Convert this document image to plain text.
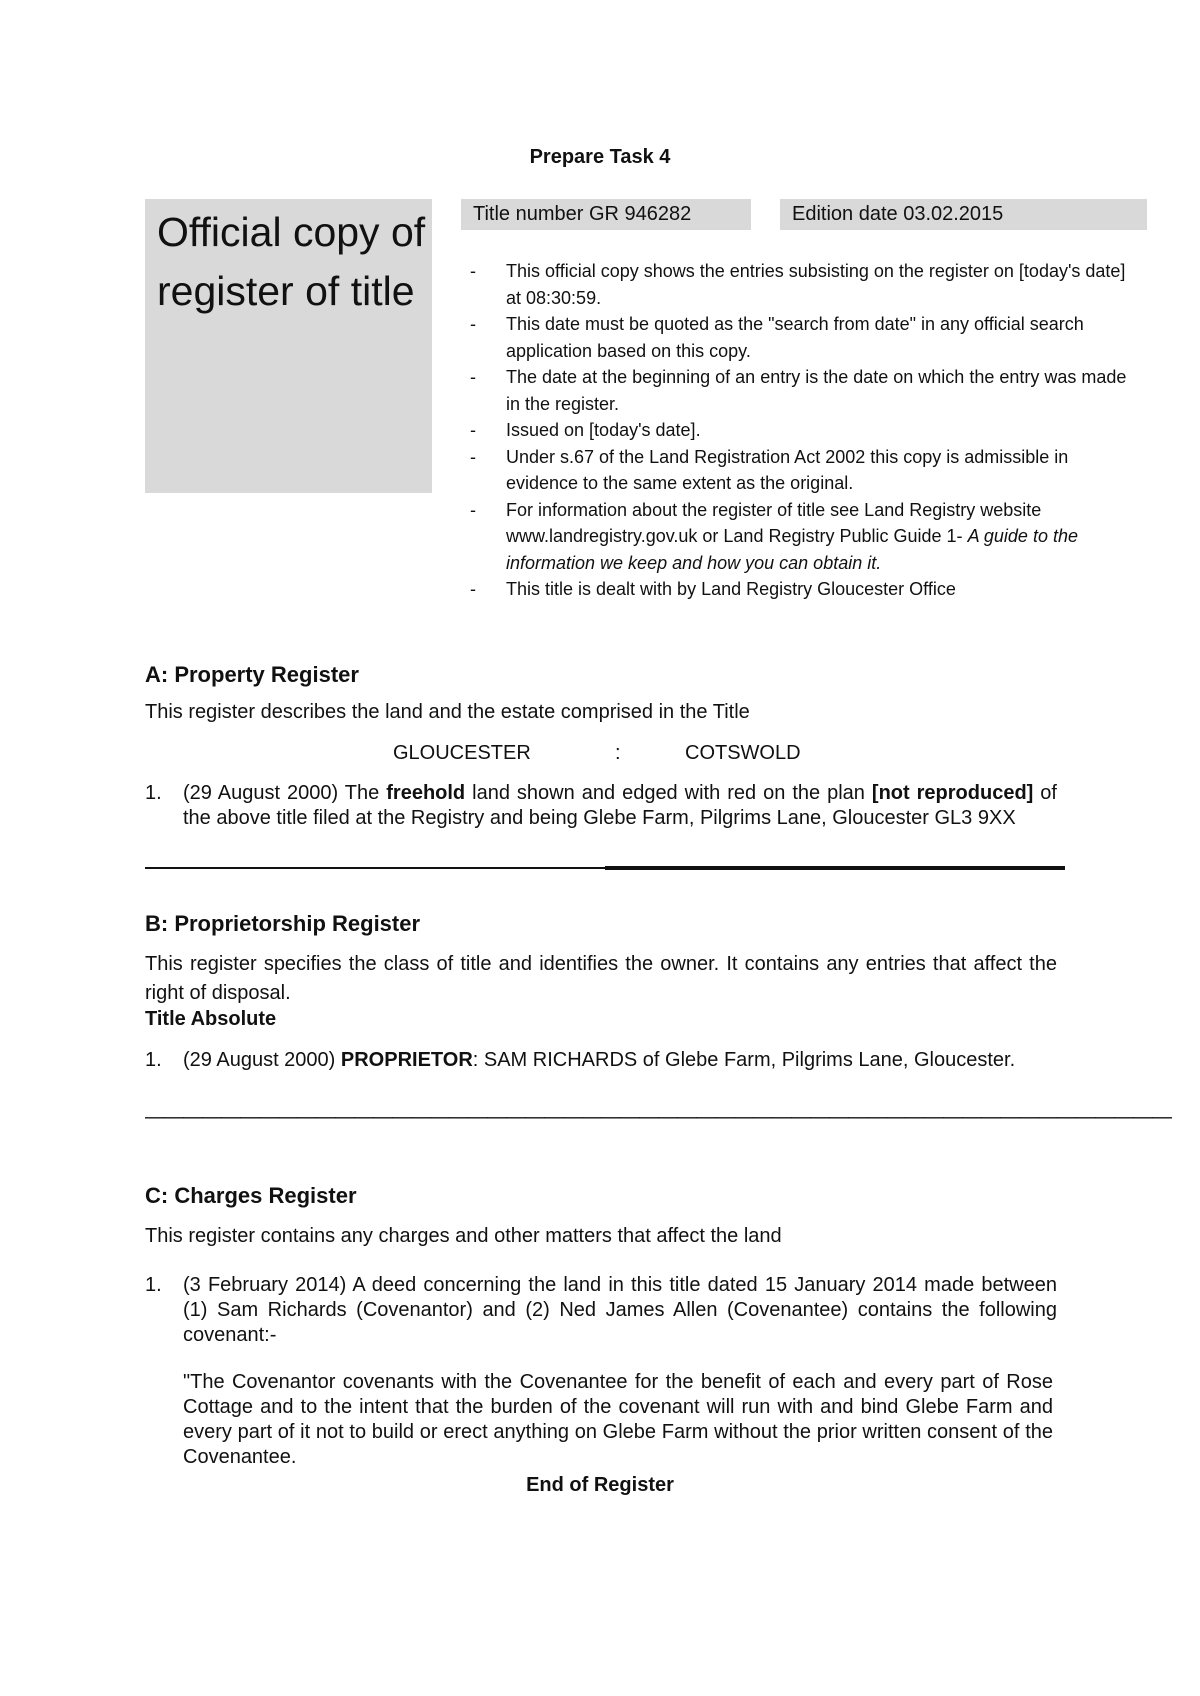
Prepare Task 4
Official copy of register of title
Title number GR 946282	Edition date 03.02.2015
- This official copy shows the entries subsisting on the register on [today's date] at 08:30:59.
- This date must be quoted as the "search from date" in any official search application based on this copy.
- The date at the beginning of an entry is the date on which the entry was made in the register.
- Issued on [today's date].
- Under s.67 of the Land Registration Act 2002 this copy is admissible in evidence to the same extent as the original.
- For information about the register of title see Land Registry website www.landregistry.gov.uk or Land Registry Public Guide 1- A guide to the information we keep and how you can obtain it.
- This title is dealt with by Land Registry Gloucester Office
A: Property Register
This register describes the land and the estate comprised in the Title
GLOUCESTER	:	COTSWOLD
1. (29 August 2000) The freehold land shown and edged with red on the plan [not reproduced] of the above title filed at the Registry and being Glebe Farm, Pilgrims Lane, Gloucester GL3 9XX
B: Proprietorship Register
This register specifies the class of title and identifies the owner. It contains any entries that affect the right of disposal.
Title Absolute
1. (29 August 2000) PROPRIETOR: SAM RICHARDS of Glebe Farm, Pilgrims Lane, Gloucester.
——————————————————————————————————————————————————————
C: Charges Register
This register contains any charges and other matters that affect the land
1. (3 February 2014) A deed concerning the land in this title dated 15 January 2014 made between (1) Sam Richards (Covenantor) and (2) Ned James Allen (Covenantee) contains the following covenant:-
"The Covenantor covenants with the Covenantee for the benefit of each and every part of Rose Cottage and to the intent that the burden of the covenant will run with and bind Glebe Farm and every part of it not to build or erect anything on Glebe Farm without the prior written consent of the Covenantee.
End of Register
